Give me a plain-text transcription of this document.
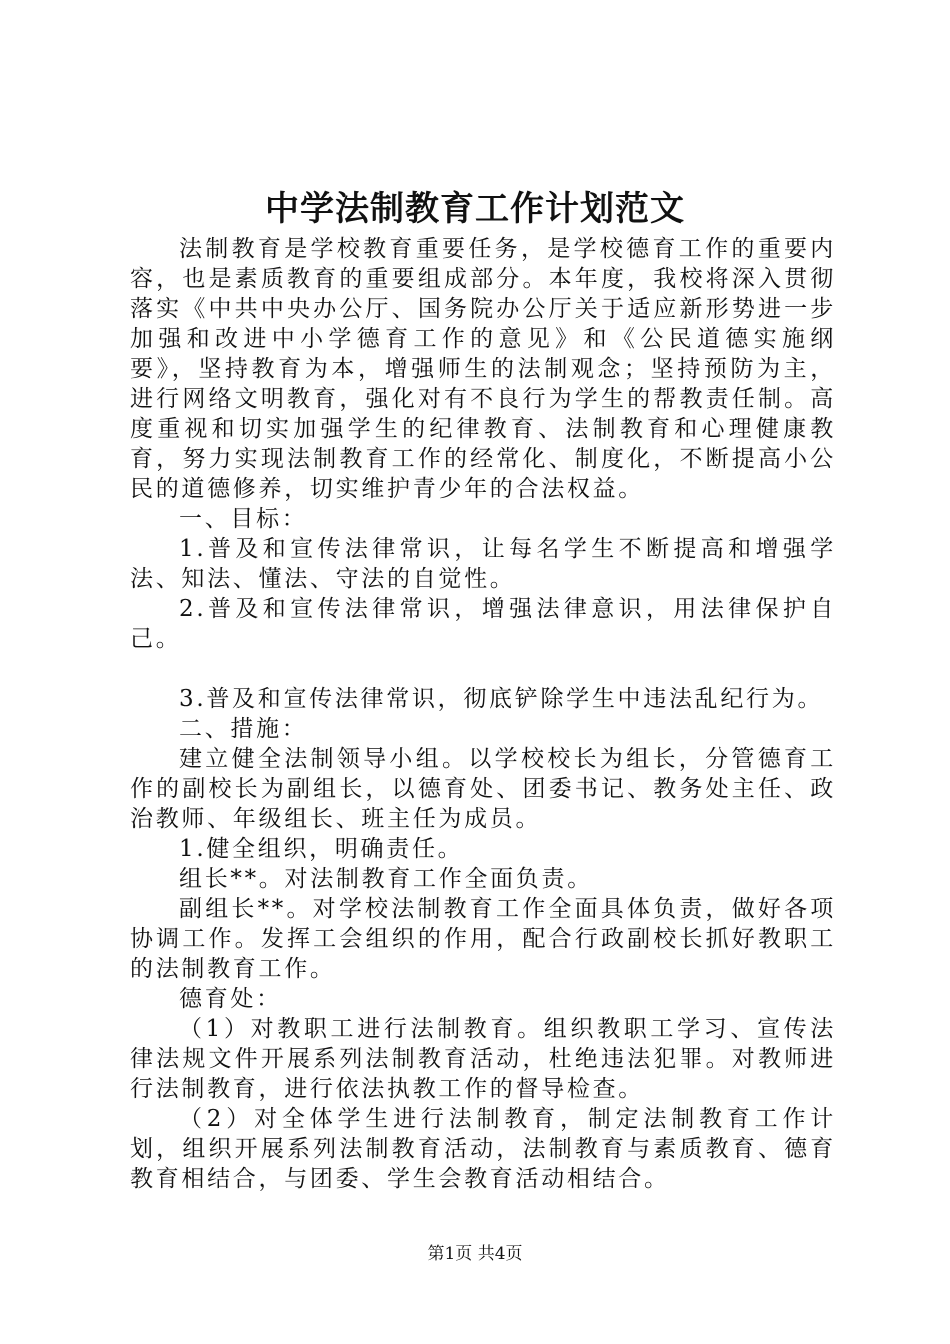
中学法制教育工作计划范文

法制教育是学校教育重要任务，是学校德育工作的重要内容，也是素质教育的重要组成部分。本年度，我校将深入贯彻落实《中共中央办公厅、国务院办公厅关于适应新形势进一步加强和改进中小学德育工作的意见》和《公民道德实施纲要》，坚持教育为本，增强师生的法制观念；坚持预防为主，进行网络文明教育，强化对有不良行为学生的帮教责任制。高度重视和切实加强学生的纪律教育、法制教育和心理健康教育，努力实现法制教育工作的经常化、制度化，不断提高小公民的道德修养，切实维护青少年的合法权益。

一、目标：

1.普及和宣传法律常识，让每名学生不断提高和增强学法、知法、懂法、守法的自觉性。

2.普及和宣传法律常识，增强法律意识，用法律保护自己。

3.普及和宣传法律常识，彻底铲除学生中违法乱纪行为。

二、措施：

建立健全法制领导小组。以学校校长为组长，分管德育工作的副校长为副组长，以德育处、团委书记、教务处主任、政治教师、年级组长、班主任为成员。

1.健全组织，明确责任。

组长**。对法制教育工作全面负责。

副组长**。对学校法制教育工作全面具体负责，做好各项协调工作。发挥工会组织的作用，配合行政副校长抓好教职工的法制教育工作。

德育处：

（1）对教职工进行法制教育。组织教职工学习、宣传法律法规文件开展系列法制教育活动，杜绝违法犯罪。对教师进行法制教育，进行依法执教工作的督导检查。

（2）对全体学生进行法制教育，制定法制教育工作计划，组织开展系列法制教育活动，法制教育与素质教育、德育教育相结合，与团委、学生会教育活动相结合。

第1页 共4页
